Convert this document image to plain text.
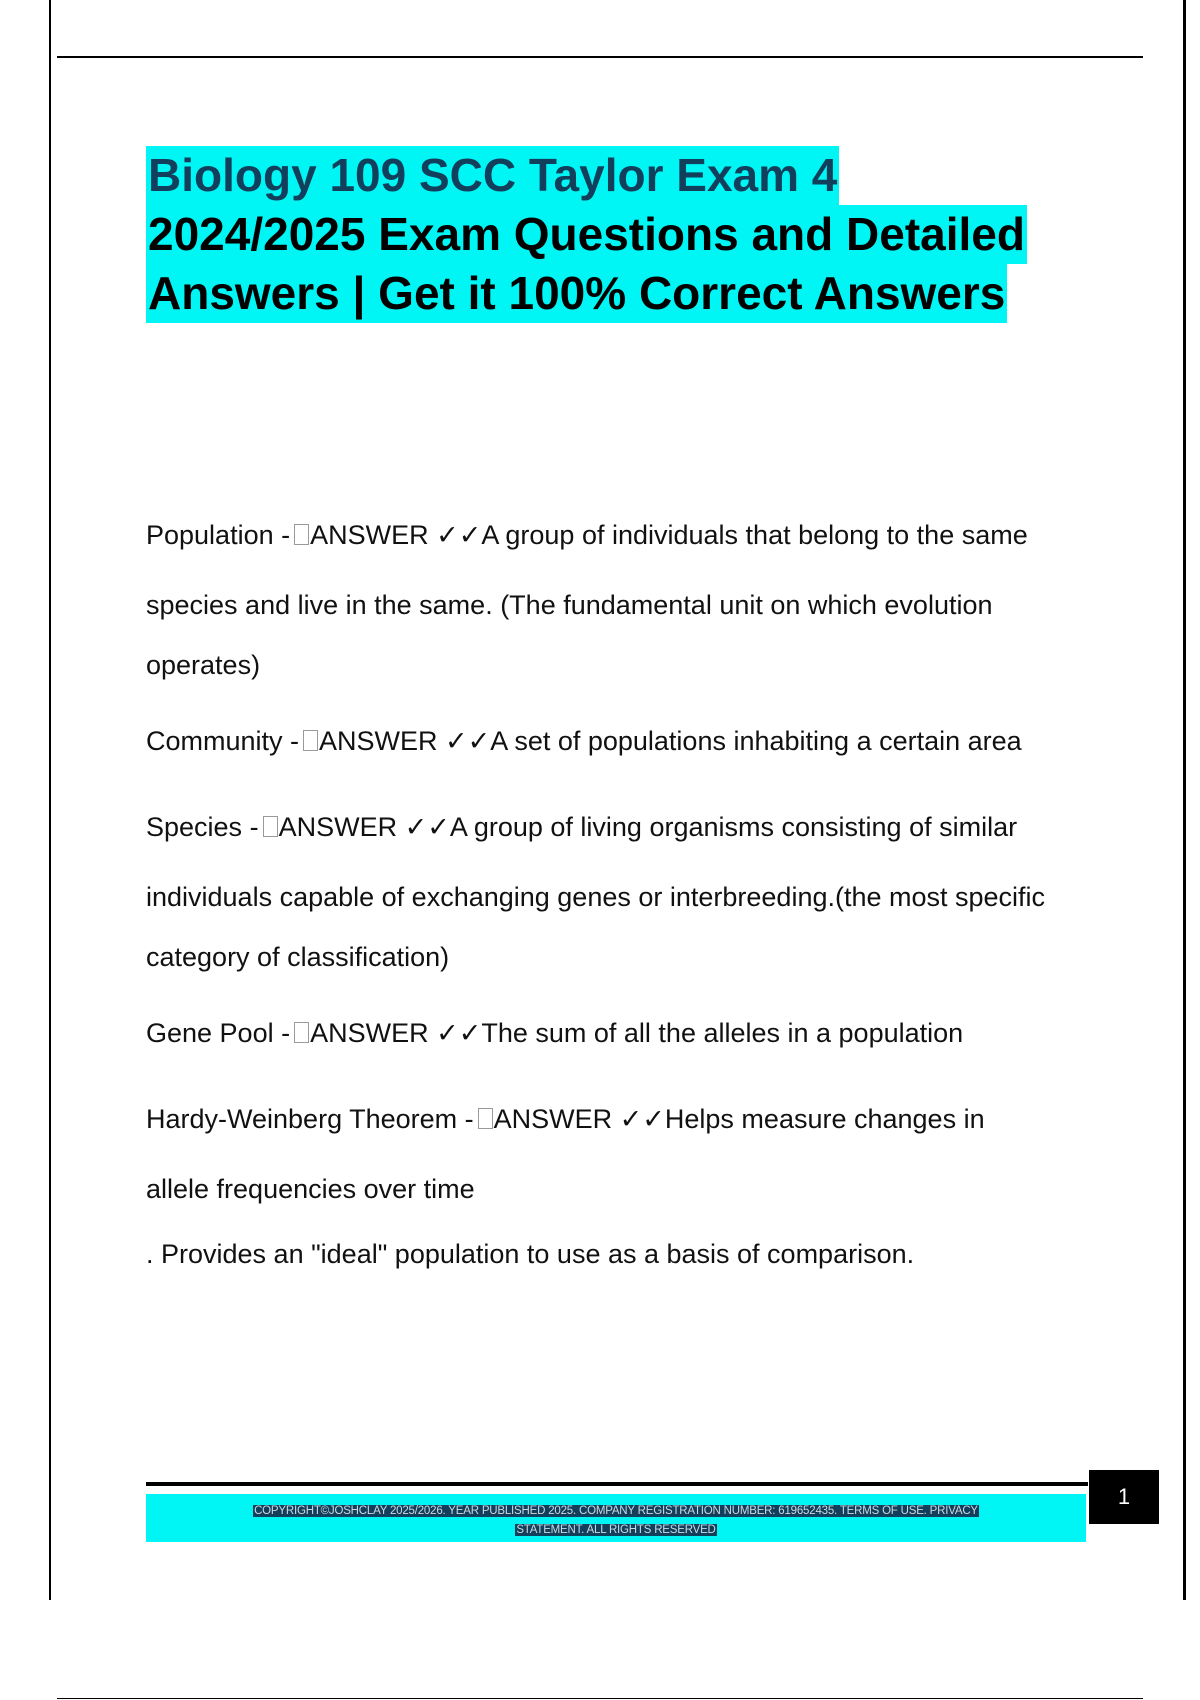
Biology 109 SCC Taylor Exam 4
2024/2025 Exam Questions and Detailed
Answers | Get it 100% Correct Answers
Population - ANSWER ✓✓A group of individuals that belong to the same
species and live in the same. (The fundamental unit on which evolution
operates)
Community - ANSWER ✓✓A set of populations inhabiting a certain area
Species - ANSWER ✓✓A group of living organisms consisting of similar
individuals capable of exchanging genes or interbreeding.(the most specific
category of classification)
Gene Pool - ANSWER ✓✓The sum of all the alleles in a population
Hardy-Weinberg Theorem - ANSWER ✓✓Helps measure changes in
allele frequencies over time
. Provides an "ideal" population to use as a basis of comparison.
COPYRIGHT©JOSHCLAY 2025/2026. YEAR PUBLISHED 2025. COMPANY REGISTRATION NUMBER: 619652435. TERMS OF USE. PRIVACY
STATEMENT. ALL RIGHTS RESERVED
1
